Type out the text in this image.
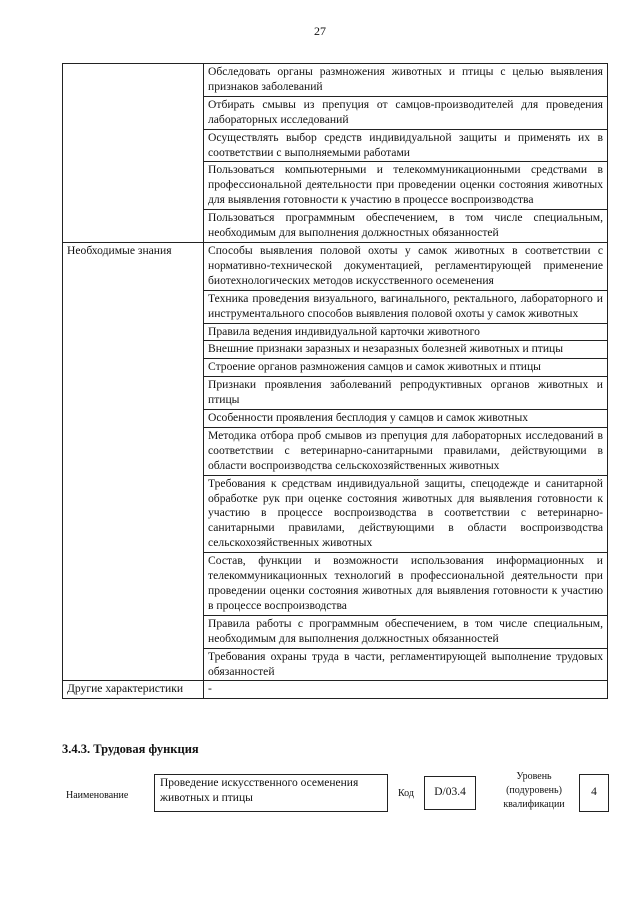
27
	Обследовать органы размножения животных и птицы с целью выявления признаков заболеваний
	Отбирать смывы из препуция от самцов-производителей для проведения лабораторных исследований
	Осуществлять выбор средств индивидуальной защиты и применять их в соответствии с выполняемыми работами
	Пользоваться компьютерными и телекоммуникационными средствами в профессиональной деятельности при проведении оценки состояния животных для выявления готовности к участию в процессе воспроизводства
	Пользоваться программным обеспечением, в том числе специальным, необходимым для выполнения должностных обязанностей
Необходимые знания	Способы выявления половой охоты у самок животных в соответствии с нормативно-технической документацией, регламентирующей применение биотехнологических методов искусственного осеменения
	Техника проведения визуального, вагинального, ректального, лабораторного и инструментального способов выявления половой охоты у самок животных
	Правила ведения индивидуальной карточки животного
	Внешние признаки заразных и незаразных болезней животных и птицы
	Строение органов размножения самцов и самок животных и птицы
	Признаки проявления заболеваний репродуктивных органов животных и птицы
	Особенности проявления бесплодия у самцов и самок животных
	Методика отбора проб смывов из препуция для лабораторных исследований в соответствии с ветеринарно-санитарными правилами, действующими в области воспроизводства сельскохозяйственных животных
	Требования к средствам индивидуальной защиты, спецодежде и санитарной обработке рук при оценке состояния животных для выявления готовности к участию в процессе воспроизводства в соответствии с ветеринарно-санитарными правилами, действующими в области воспроизводства сельскохозяйственных животных
	Состав, функции и возможности использования информационных и телекоммуникационных технологий в профессиональной деятельности при проведении оценки состояния животных для выявления готовности к участию в процессе воспроизводства
	Правила работы с программным обеспечением, в том числе специальным, необходимым для выполнения должностных обязанностей
	Требования охраны труда в части, регламентирующей выполнение трудовых обязанностей
Другие характеристики	-
3.4.3. Трудовая функция
Наименование
Проведение искусственного осеменения животных и птицы	Код	D/03.4
Уровень (подуровень) квалификации
4
